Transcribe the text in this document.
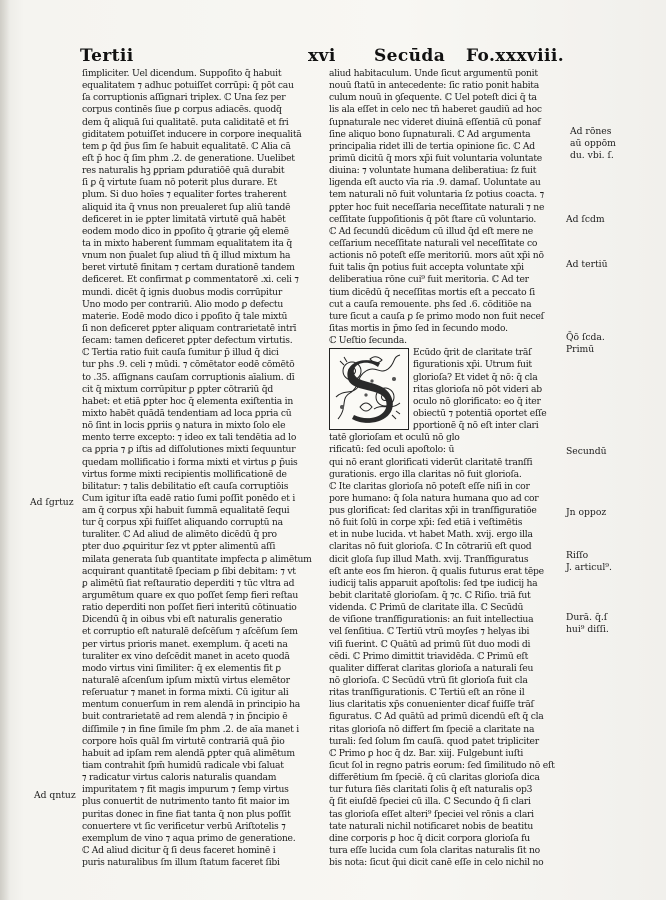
Tertii	xvi Secūda Fo.xxxviii.
ſimpliciter. Uel dicendum. Suppoſito q̄ habuit
equalitatem ⁊ adhuc potuiſſet corrūpi: q̄ pōt cau
ſa corruptionis aſſignari triplex. ℂ Una ſez per
corpus continēs ſiue ꝑ corpus adiacēs. quodq̄
dem q̄ aliquā ſui qualitatē. puta caliditatē et fri
giditatem potuiſſet inducere in corpore inequalitā
tem ꝑ q̄d p̄us ſim ſe habuit equalitatē. ℂ Alia cā
eſt p̄ hoc q̄ ſim ph̄m .2. de generatione. Uuelibet
res naturalis hꝫ ꝑpriam ꝑduratiōē quā durabit
ſi ꝑ q̄ virtute ſuam nō poterit plus durare. Et
plum. Si duo hoīes ⁊ equaliter fortes traherent
aliquid ita q̄ vnus non preualeret ſup aliū tandē
deficeret in ie ꝑpter limitatā virtutē quā habēt
eodem modo dico in ꝑpoſito q̄ ꝯtrarie ꝯq̄ elemē
ta in mixto haberent ſummam equalitatem ita q̄
vnum non p̄ualet ſup aliud tn̄ q̄ illud mixtum ha
beret virtutē finitam ⁊ certam durationē tandem
deficeret. Et confirmat ꝑ commentatorē .xi. celi ⁊
mundi. dicēt q̄ ignis duobus modis corrūpitur
Uno modo per contrariū. Alio modo ꝑ defectu
materie. Eodē modo dico i ꝑpoſito q̄ tale mixtū
ſi non deficeret ꝑpter aliquam contrarietatē intrī
ſecam: tamen deficeret ꝑpter defectum virtutis.
ℂ Tertia ratio fuit cauſa ſumitur p̄ illud q̄ dici
tur ph̄s .9. celi ⁊ mūdi. ⁊ cōmētator eodē cōmētō
to .35. aſſignans cauſam corruptionis aīalium. dī
cit q̄ mixtum corrūpitur ꝑ ꝑpter cōtrariū q̄d
habet: et etiā ꝑpter hoc q̄ elementa exiſtentia in
mixto habēt quādā tendentiam ad loca ꝑpria cū
nō ſint in locis ꝑpriis ꝯ natura in mixto ſolo ele
mento terre excepto: ⁊ ideo ex tali tendētia ad lo
ca ꝑpria ⁊ ꝑ iſtis ad diſſolutiones mixti ſequuntur
quedam mollificatio i forma mixti et virtus ꝑ p̄uis
virtus forme mixti recipientis mollificationē de
bilitatur: ⁊ talis debilitatio eſt cauſa corruptiōis
Cum igitur iſta eadē ratio ſumi poſſit ponēdo et i
am q̄ corpus xp̄i habuit ſummā equalitatē ſequi
tur q̄ corpus xp̄i fuiſſet aliquando corruptū na
turaliter. ℂ Ad aliud de alimēto dicēdū q̄ pro
pter duo ꝓquiritur ſez vt ꝑpter alimentū aſſi
milata generata ſub quantitate impfecta ꝑ alimētum
acquirant quantitatē ſpeciam ꝑ ſibi debitam: ⁊ vt
ꝑ alimētū ſiat reſtauratio deperditi ⁊ tūc vltra ad
argumētum quare ex quo poſſet ſemp fieri reſtau
ratio deperditi non poſſet fieri interitū cōtinuatio
Dicendū q̄ in oibus vbi eſt naturalis generatio
et corruptio eſt naturalē deſcēſum ⁊ aſcēſum ſem
per virtus prioris manet. exemplum. q̄ aceti na
turaliter ex vino deſcēdit manet in aceto quodā
modo virtus vini ſimiliter: q̄ ex elementis fit ꝑ
naturalē aſcenſum ipſum mixtū virtus elemētor
reſeruatur ⁊ manet in forma mixti. Cū igitur ali
mentum conuerſum in rem alendā in principio ha
buit contrarietatē ad rem alendā ⁊ in p̄ncipio ē
diſſimile ⁊ in fine ſimile ſm ph̄m .2. de aīa manet i
corpore hoīs quāl̄ ſm virtutē contrariā quā p̄io
habuit ad ipſam rem alendā ꝑpter quā alimētum
tiam contrahit ſpm̄ humidū radicale vbi ſaluat
⁊ radicatur virtus caloris naturalis quandam
impuritatem ⁊ fit magis impurum ⁊ ſemp virtus
plus conuertit de nutrimento tanto fit maior im
puritas donec in fine fiat tanta q̄ non plus poſſit
conuertere vt ſic verificetur verbū Ariſtotelis ⁊
exemplum de vino ⁊ aqua primo de generatione.
ℂ Ad aliud dicitur q̄ ſi deus faceret hominē i
puris naturalibus ſm illum ſtatum faceret ſibi
aliud habitaculum. Unde ſicut argumentū ponit
nouū ſtatū in antecedente: ſic ratio ponit habita
culum nouū in ꝯſequente. ℂ Uel poteſt dici q̄ ta
lis ala eſſet in celo nec tn̄ haberet gaudiū ad hoc
ſupnaturale nec videret diuinā eſſentiā cū ponaf
ſine aliquo bono ſupnaturali. ℂ Ad argumenta
principalia ridet illi de tertia opinione ſic. ℂ Ad
primū dicitū q̄ mors xp̄i fuit voluntaria voluntate
diuina: ⁊ voluntate humana deliberatiua: ſz fuit
ligenda eſt aucto vīa ria .9. damaſ. Uoluntate au
tem naturali nō fuit voluntaria ſz potius coacta. ⁊
ꝑpter hoc fuit neceſſaria neceſſitate naturali ⁊ ne
ceſſitate ſuppoſitionis q̄ pōt ſtare cū voluntario.
ℂ Ad ſecundū dicēdum cū illud q̄d eſt mere ne
ceſſarium neceſſitate naturali vel neceſſitate co
actionis nō poteſt eſſe meritoriū. mors aūt xp̄i nō
fuit talis q̄n potius fuit accepta voluntate xp̄i
deliberatiua rōne cui⁹ fuit meritoria. ℂ Ad ter
tium dicēdū q̄ neceſſitas mortis eſt a peccato ſi
cut a cauſa remouente. ph̄s ſed .6. cōditiōe na
ture ſicut a cauſa ꝑ ſe primo modo non fuit neceſ
ſitas mortis in p̄mo ſed in ſecundo modo.
ℂ Ueſtio ſecunda.
Ecūdo q̄rit de claritate trāſ
figurationis xp̄i. Utrum fuit
glorioſa? Et videt q̄ nō: q̄ cla
ritas glorioſa nō pōt videri ab
oculo nō glorificato: eo q̄ iter
obiectū ⁊ potentiā oportet eſſe
ꝑportionē q̄ nō eſt inter clari
tatē glorioſam et oculū nō glo
rificatū: ſed oculi apoſtolo: ū
qui nō erant glorificati viderūt claritatē tranſfi
gurationis. ergo illa claritas nō fuit glorioſa.
ℂ Ite claritas glorioſa nō poteſt eſſe niſi in cor
pore humano: q̄ ſola natura humana quo ad cor
pus glorificat: ſed claritas xp̄i in tranſfiguratiōe
nō fuit ſolū in corpe xp̄i: ſed etiā i veſtimētis
et in nube lucida. vt habet Math. xvij. ergo illa
claritas nō fuit glorioſa. ℂ In cōtrariū eſt quod
dicit gloſa ſup illud Math. xvij. Tranſfiguratus
eſt ante eos ſm hieron. q̄ qualis futurus erat tēpe
iudicij talis apparuit apoſtolis: ſed tpe iudicij ha
bebit claritatē glorioſam. q̄ ⁊c. ℂ Riſio. triā fut
videnda. ℂ Primū de claritate illa. ℂ Secūdū
de viſione tranſfigurationis: an fuit intellectiua
vel ſenſitiua. ℂ Tertiū vtrū moyſes ⁊ helyas ibi
viſi fuerint. ℂ Quātū ad primū ſūt duo modi di
cēdi. ℂ Primo dimittit triavidēda. ℂ Primū eſt
qualiter differat claritas glorioſa a naturali ſeu
nō glorioſa. ℂ Secūdū vtrū ſit glorioſa fuit cla
ritas tranſfigurationis. ℂ Tertiū eſt an rōne il
lius claritatis xp̄s conuenienter dicaf fuiſſe trāſ
figuratus. ℂ Ad quātū ad primū dicendū eſt q̄ cla
ritas glorioſa nō differt ſm ſpeciē a claritate na
turali: ſed ſolum ſm cauſā. quod patet tripliciter
ℂ Primo ꝑ hoc q̄ dz. Bar. xiij. Fulgebunt iuſti
ſicut ſol in regno patris eorum: ſed ſimilitudo nō eſt
differētium ſm ſpeciē. q̄ cū claritas glorioſa dica
tur futura ſiēs claritati ſolis q̄ eſt naturalis op3
q̄ ſit eiuſdē ſpeciei cū illa. ℂ Secundo q̄ ſi clari
tas glorioſa eſſet alteri⁹ ſpeciei vel rōnis a clari
tate naturali nichil notificaret nobis de beatitu
dine corporis ꝑ hoc q̄ dicit corpora glorioſa fu
tura eſſe lucida cum ſola claritas naturalis ſit no
bis nota: ſicut q̄ui dicit canē eſſe in celo nichil no
Ad rōnes
aū oppōm
du. vbi. ſ.
Ad ſcdm
Ad tertiū
Q̄ō ſcda.
Primū
Secundū
Jn oppoz
Riſſo
J. articul⁹.
Durā. q̄.ſ
hui⁹ diſſi.
Ad ſgrtuz
Ad qntuz
